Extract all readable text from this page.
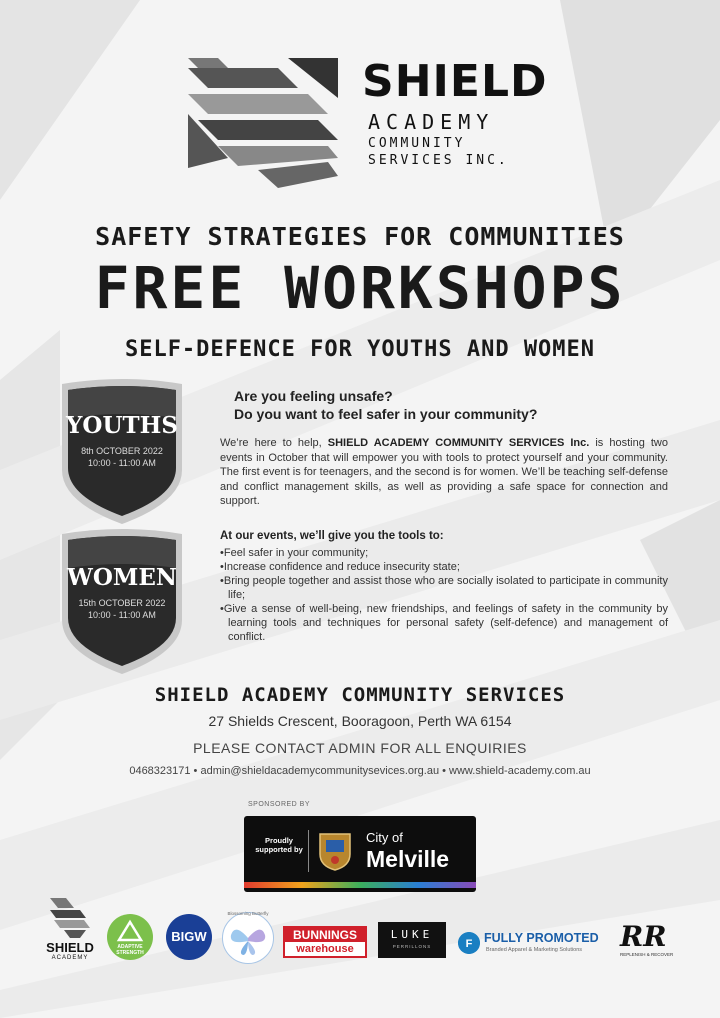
SHIELD
ACADEMY
COMMUNITY
SERVICES INC.
SAFETY STRATEGIES FOR COMMUNITIES
FREE WORKSHOPS
SELF-DEFENCE FOR YOUTHS AND WOMEN
YOUTHS
8th OCTOBER 2022
10:00 - 11:00 AM
WOMEN
15th OCTOBER 2022
10:00 - 11:00 AM
Are you feeling unsafe?
Do you want to feel safer in your community?
We’re here to help, SHIELD ACADEMY COMMUNITY SERVICES Inc. is hosting two events in October that will empower you with tools to protect yourself and your community. The first event is for teenagers, and the second is for women. We’ll be teaching self-defense and conflict management skills, as well as providing a safe space for connection and support.
At our events, we’ll give you the tools to:
• Feel safer in your community;
• Increase confidence and reduce insecurity state;
• Bring people together and assist those who are socially isolated to participate in community life;
• Give a sense of well-being, new friendships, and feelings of safety in the community by learning tools and techniques for personal safety (self-defence) and management of conflict.
SHIELD ACADEMY COMMUNITY SERVICES
27 Shields Crescent, Booragoon, Perth WA 6154
PLEASE CONTACT ADMIN FOR ALL ENQUIRIES
0468323171 • admin@shieldacademycommunitysevices.org.au • www.shield-academy.com.au
SPONSORED BY
Proudly supported by
City of
Melville
SHIELD
ACADEMY
ADAPTIVE STRENGTH
BIGW
Blossoming Butterfly
BUNNINGS
warehouse
LUKE
PERRILLONS	F FULLY PROMOTED
Branded Apparel & Marketing Solutions RR
REPLENISH & RECOVER
